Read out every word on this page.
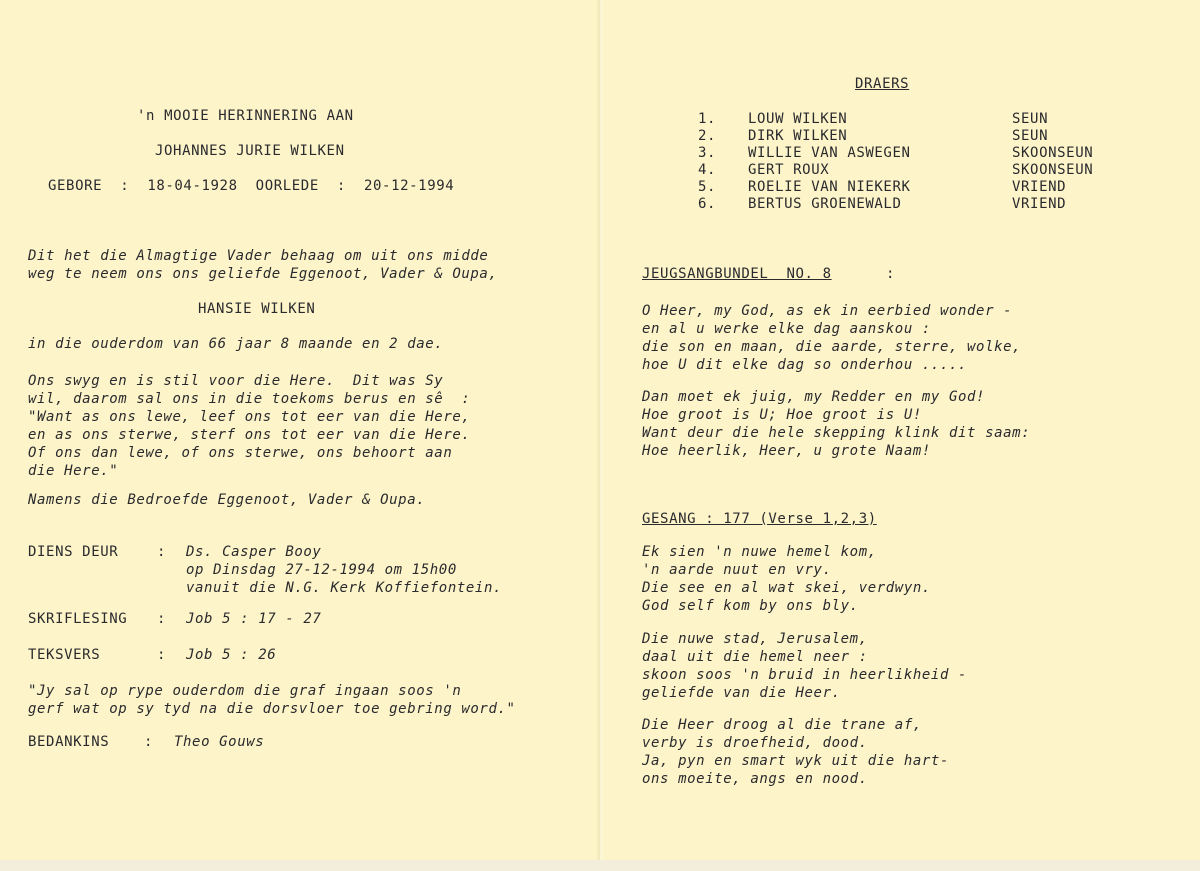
'n MOOIE HERINNERING AAN
JOHANNES JURIE WILKEN
GEBORE  :  18-04-1928  OORLEDE  :  20-12-1994
Dit het die Almagtige Vader behaag om uit ons midde
weg te neem ons ons geliefde Eggenoot, Vader & Oupa,
HANSIE WILKEN
in die ouderdom van 66 jaar 8 maande en 2 dae.
Ons swyg en is stil voor die Here.  Dit was Sy
wil, daarom sal ons in die toekoms berus en sê  :
"Want as ons lewe, leef ons tot eer van die Here,
en as ons sterwe, sterf ons tot eer van die Here.
Of ons dan lewe, of ons sterwe, ons behoort aan
die Here."
Namens die Bedroefde Eggenoot, Vader & Oupa.
DIENS DEUR	: Ds. Casper Booy
op Dinsdag 27-12-1994 om 15h00
vanuit die N.G. Kerk Koffiefontein.
SKRIFLESING : Job 5 : 17 - 27
TEKSVERS	: Job 5 : 26
"Jy sal op rype ouderdom die graf ingaan soos 'n
gerf wat op sy tyd na die dorsvloer toe gebring word."
BEDANKINS : Theo Gouws
DRAERS
1. LOUW WILKEN	SEUN
2. DIRK WILKEN	SEUN
3. WILLIE VAN ASWEGEN	SKOONSEUN
4. GERT ROUX	SKOONSEUN
5. ROELIE VAN NIEKERK	VRIEND
6. BERTUS GROENEWALD	VRIEND
JEUGSANGBUNDEL  NO. 8	:
O Heer, my God, as ek in eerbied wonder -
en al u werke elke dag aanskou :
die son en maan, die aarde, sterre, wolke,
hoe U dit elke dag so onderhou .....
Dan moet ek juig, my Redder en my God!
Hoe groot is U; Hoe groot is U!
Want deur die hele skepping klink dit saam:
Hoe heerlik, Heer, u grote Naam!
GESANG : 177 (Verse 1,2,3)
Ek sien 'n nuwe hemel kom,
'n aarde nuut en vry.
Die see en al wat skei, verdwyn.
God self kom by ons bly.
Die nuwe stad, Jerusalem,
daal uit die hemel neer :
skoon soos 'n bruid in heerlikheid -
geliefde van die Heer.
Die Heer droog al die trane af,
verby is droefheid, dood.
Ja, pyn en smart wyk uit die hart-
ons moeite, angs en nood.
